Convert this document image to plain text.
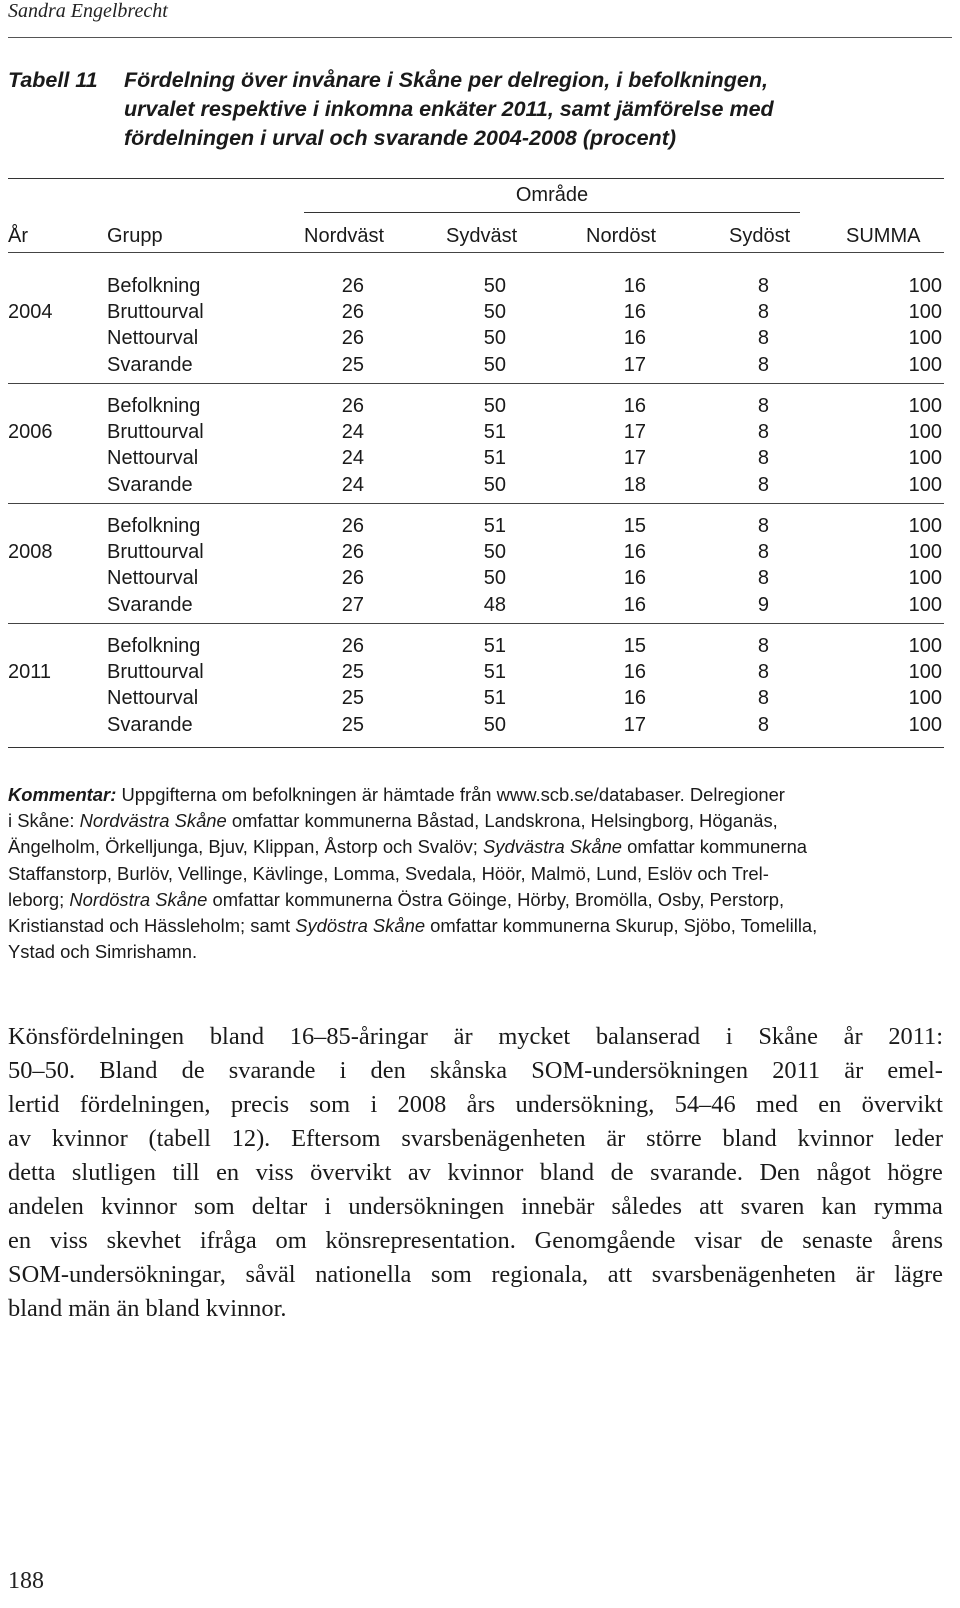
Sandra Engelbrecht
Tabell 11 Fördelning över invånare i Skåne per delregion, i befolkningen,
urvalet respektive i inkomna enkäter 2011, samt jämförelse med
fördelningen i urval och svarande 2004-2008 (procent)
Område
År	Grupp	Nordväst	Sydväst	Nordöst	Sydöst	SUMMA
2004
Befolkning	26	50	16	8	100
Bruttourval	26	50	16	8	100
Nettourval	26	50	16	8	100
Svarande	25	50	17	8	100
2006
Befolkning	26	50	16	8	100
Bruttourval	24	51	17	8	100
Nettourval	24	51	17	8	100
Svarande	24	50	18	8	100
2008
Befolkning	26	51	15	8	100
Bruttourval	26	50	16	8	100
Nettourval	26	50	16	8	100
Svarande	27	48	16	9	100
2011
Befolkning	26	51	15	8	100
Bruttourval	25	51	16	8	100
Nettourval	25	51	16	8	100
Svarande	25	50	17	8	100
Kommentar: Uppgifterna om befolkningen är hämtade från www.scb.se/databaser. Delregioner
i Skåne: Nordvästra Skåne omfattar kommunerna Båstad, Landskrona, Helsingborg, Höganäs,
Ängelholm, Örkelljunga, Bjuv, Klippan, Åstorp och Svalöv; Sydvästra Skåne omfattar kommunerna
Staffanstorp, Burlöv, Vellinge, Kävlinge, Lomma, Svedala, Höör, Malmö, Lund, Eslöv och Trel-
leborg; Nordöstra Skåne omfattar kommunerna Östra Göinge, Hörby, Bromölla, Osby, Perstorp,
Kristianstad och Hässleholm; samt Sydöstra Skåne omfattar kommunerna Skurup, Sjöbo, Tomelilla,
Ystad och Simrishamn.
Könsfördelningen bland 16–85-åringar är mycket balanserad i Skåne år 2011:
50–50. Bland de svarande i den skånska SOM-undersökningen 2011 är emel-
lertid fördelningen, precis som i 2008 års undersökning, 54–46 med en övervikt
av kvinnor (tabell 12). Eftersom svarsbenägenheten är större bland kvinnor leder
detta slutligen till en viss övervikt av kvinnor bland de svarande. Den något högre
andelen kvinnor som deltar i undersökningen innebär således att svaren kan rymma
en viss skevhet ifråga om könsrepresentation. Genomgående visar de senaste årens
SOM-undersökningar, såväl nationella som regionala, att svarsbenägenheten är lägre
bland män än bland kvinnor.
188
